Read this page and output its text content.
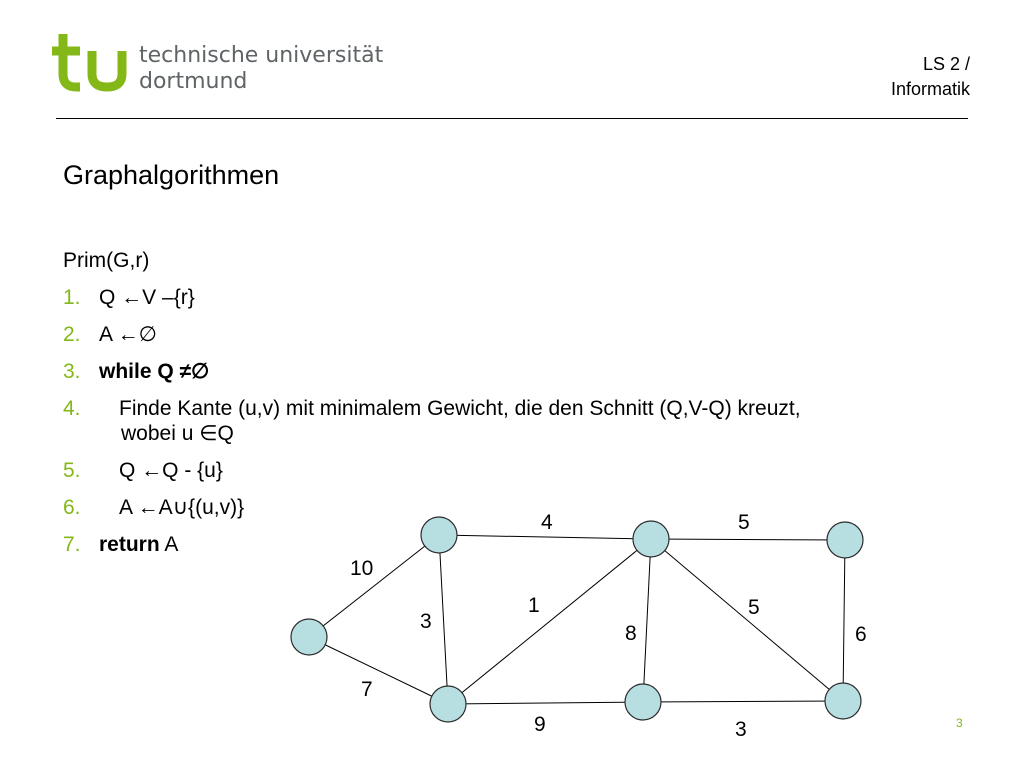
technische universität
dortmund
LS 2 /
Informatik
Graphalgorithmen
Prim(G,r)
1. Q ←V –{r}
2. A ←∅
3. while Q ≠∅
4. Finde Kante (u,v) mit minimalem Gewicht, die den Schnitt (Q,V-Q) kreuzt,
wobei u ∈Q
5. Q ←Q - {u}
6. A ←A∪{(u,v)}
7. return A
10
7
4
3
1
5
8
5
6
9	3	3
